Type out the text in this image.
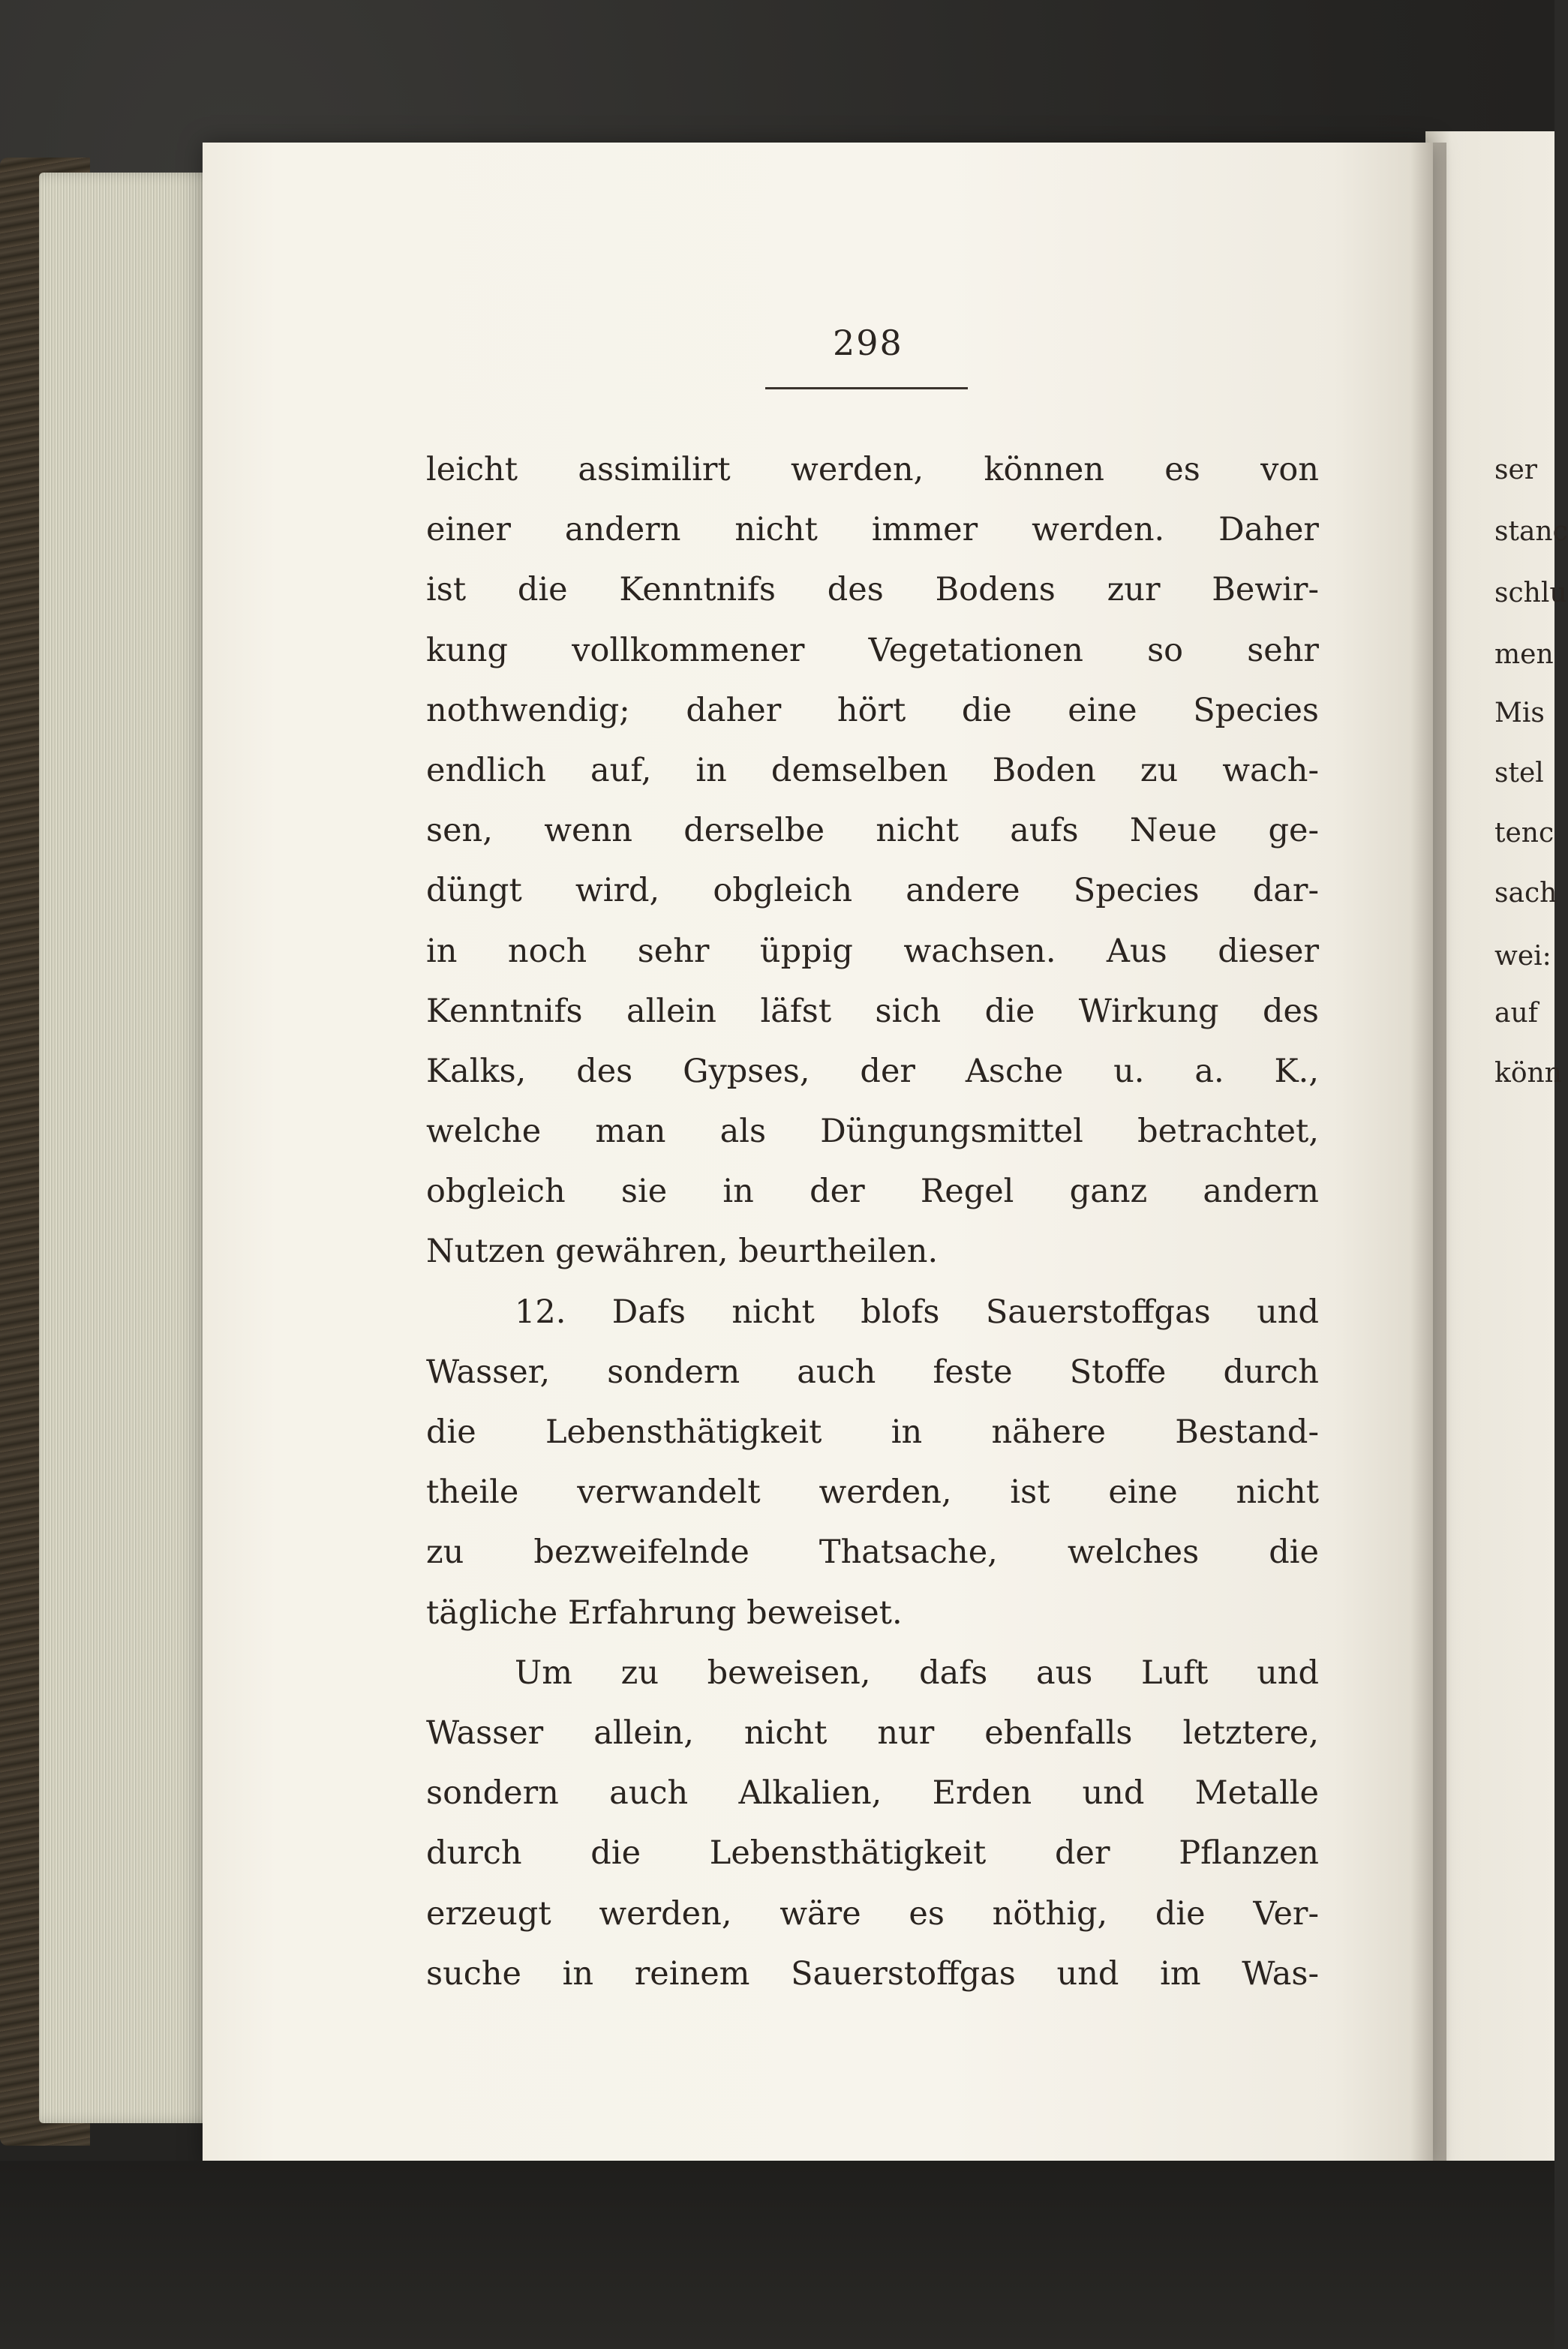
298
leicht assimilirt werden, können es von
einer andern nicht immer werden. Daher
ist die Kenntnifs des Bodens zur Bewir-
kung vollkommener Vegetationen so sehr
nothwendig; daher hört die eine Species
endlich auf, in demselben Boden zu wach-
sen, wenn derselbe nicht aufs Neue ge-
düngt wird, obgleich andere Species dar-
in noch sehr üppig wachsen. Aus dieser
Kenntnifs allein läfst sich die Wirkung des
Kalks, des Gypses, der Asche u. a. K.,
welche man als Düngungsmittel betrachtet,
obgleich sie in der Regel ganz andern
Nutzen gewähren, beurtheilen.
12. Dafs nicht blofs Sauerstoffgas und
Wasser, sondern auch feste Stoffe durch
die Lebensthätigkeit in nähere Bestand-
theile verwandelt werden, ist eine nicht
zu bezweifelnde Thatsache, welches die
tägliche Erfahrung beweiset.
Um zu beweisen, dafs aus Luft und
Wasser allein, nicht nur ebenfalls letztere,
sondern auch Alkalien, Erden und Metalle
durch die Lebensthätigkeit der Pflanzen
erzeugt werden, wäre es nöthig, die Ver-
suche in reinem Sauerstoffgas und im Was-
ser
stanc
schlu
men
Mis
stel
tenc
sach
wei:
auf
könn
